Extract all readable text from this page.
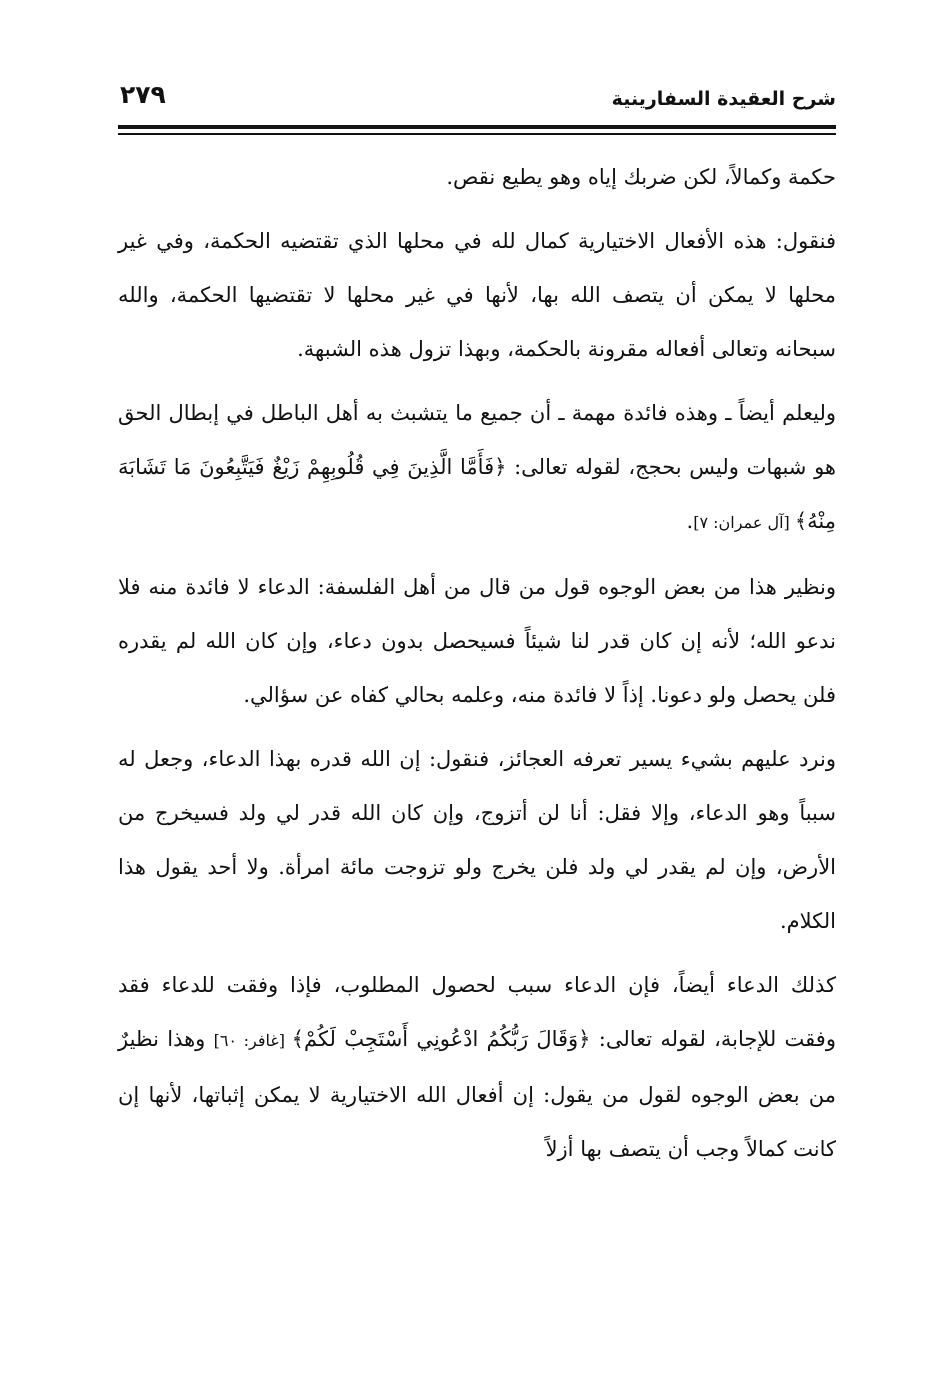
شرح العقيدة السفارينية
٢٧٩

حكمة وكمالاً، لكن ضربك إياه وهو يطيع نقص.

فنقول: هذه الأفعال الاختيارية كمال لله في محلها الذي تقتضيه الحكمة، وفي غير محلها لا يمكن أن يتصف الله بها، لأنها في غير محلها لا تقتضيها الحكمة، والله سبحانه وتعالى أفعاله مقرونة بالحكمة، وبهذا تزول هذه الشبهة.

وليعلم أيضاً ـ وهذه فائدة مهمة ـ أن جميع ما يتشبث به أهل الباطل في إبطال الحق هو شبهات وليس بحجج، لقوله تعالى: ﴿فَأَمَّا الَّذِينَ فِي قُلُوبِهِمْ زَيْغٌ فَيَتَّبِعُونَ مَا تَشَابَهَ مِنْهُ﴾ [آل عمران: ٧].

ونظير هذا من بعض الوجوه قول من قال من أهل الفلسفة: الدعاء لا فائدة منه فلا ندعو الله؛ لأنه إن كان قدر لنا شيئاً فسيحصل بدون دعاء، وإن كان الله لم يقدره فلن يحصل ولو دعونا. إذاً لا فائدة منه، وعلمه بحالي كفاه عن سؤالي.

ونرد عليهم بشيء يسير تعرفه العجائز، فنقول: إن الله قدره بهذا الدعاء، وجعل له سبباً وهو الدعاء، وإلا فقل: أنا لن أتزوج، وإن كان الله قدر لي ولد فسيخرج من الأرض، وإن لم يقدر لي ولد فلن يخرج ولو تزوجت مائة امرأة. ولا أحد يقول هذا الكلام.

كذلك الدعاء أيضاً، فإن الدعاء سبب لحصول المطلوب، فإذا وفقت للدعاء فقد وفقت للإجابة، لقوله تعالى: ﴿وَقَالَ رَبُّكُمُ ادْعُونِي أَسْتَجِبْ لَكُمْ﴾ [غافر: ٦٠] وهذا نظيرٌ من بعض الوجوه لقول من يقول: إن أفعال الله الاختيارية لا يمكن إثباتها، لأنها إن كانت كمالاً وجب أن يتصف بها أزلاً
